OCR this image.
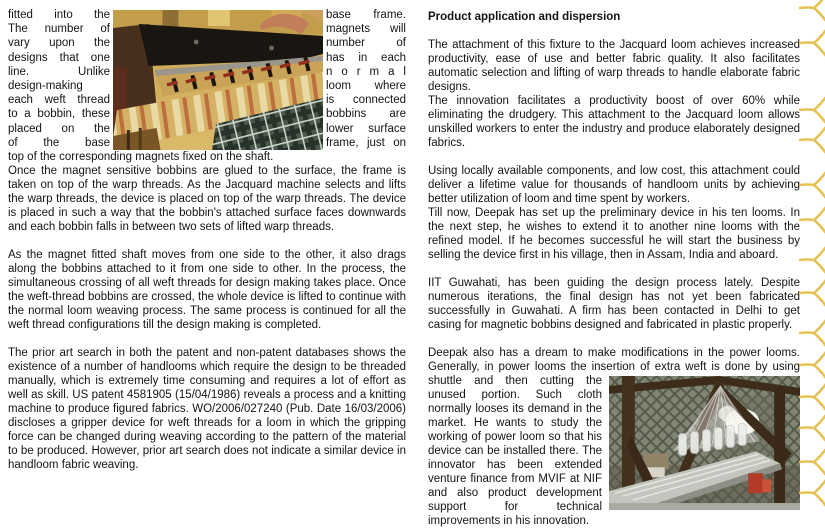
fitted into the
The number of
vary upon the
designs that one
line. Unlike
design-making
each weft thread
to a bobbin, these
placed on the
of the base
base frame.
magnets will
number of
has in each
n o r m a l
loom where
is connected
bobbins are
lower surface
frame, just on

top of the corresponding magnets fixed on the shaft.

Once the magnet sensitive bobbins are glued to the surface, the frame is taken on top of the warp threads. As the Jacquard machine selects and lifts the warp threads, the device is placed on top of the warp threads. The device is placed in such a way that the bobbin's attached surface faces downwards and each bobbin falls in between two sets of lifted warp threads.

As the magnet fitted shaft moves from one side to the other, it also drags along the bobbins attached to it from one side to other. In the process, the simultaneous crossing of all weft threads for design making takes place. Once the weft-thread bobbins are crossed, the whole device is lifted to continue with the normal loom weaving process. The same process is continued for all the weft thread configurations till the design making is completed.

The prior art search in both the patent and non-patent databases shows the existence of a number of handlooms which require the design to be threaded manually, which is extremely time consuming and requires a lot of effort as well as skill. US patent 4581905 (15/04/1986) reveals a process and a knitting machine to produce figured fabrics. WO/2006/027240 (Pub. Date 16/03/2006) discloses a gripper device for weft threads for a loom in which the gripping force can be changed during weaving according to the pattern of the material to be produced. However, prior art search does not indicate a similar device in handloom fabric weaving.

Product application and dispersion

The attachment of this fixture to the Jacquard loom achieves increased productivity, ease of use and better fabric quality. It also facilitates automatic selection and lifting of warp threads to handle elaborate fabric designs.

The innovation facilitates a productivity boost of over 60% while eliminating the drudgery. This attachment to the Jacquard loom allows unskilled workers to enter the industry and produce elaborately designed fabrics.

Using locally available components, and low cost, this attachment could deliver a lifetime value for thousands of handloom units by achieving better utilization of loom and time spent by workers.

Till now, Deepak has set up the preliminary device in his ten looms. In the next step, he wishes to extend it to another nine looms with the refined model. If he becomes successful he will start the business by selling the device first in his village, then in Assam, India and aboard.

IIT Guwahati, has been guiding the design process lately. Despite numerous iterations, the final design has not yet been fabricated successfully in Guwahati. A firm has been contacted in Delhi to get casing for magnetic bobbins designed and fabricated in plastic properly.

Deepak also has a dream to make modifications in the power looms. Generally, in power looms the insertion of extra weft is done by using shuttle and then cutting the unused portion. Such cloth normally looses its demand in the market. He wants to study the working of power loom so that his device can be installed there. The innovator has been extended venture finance from MVIF at NIF and also product development support for technical improvements in his innovation.
